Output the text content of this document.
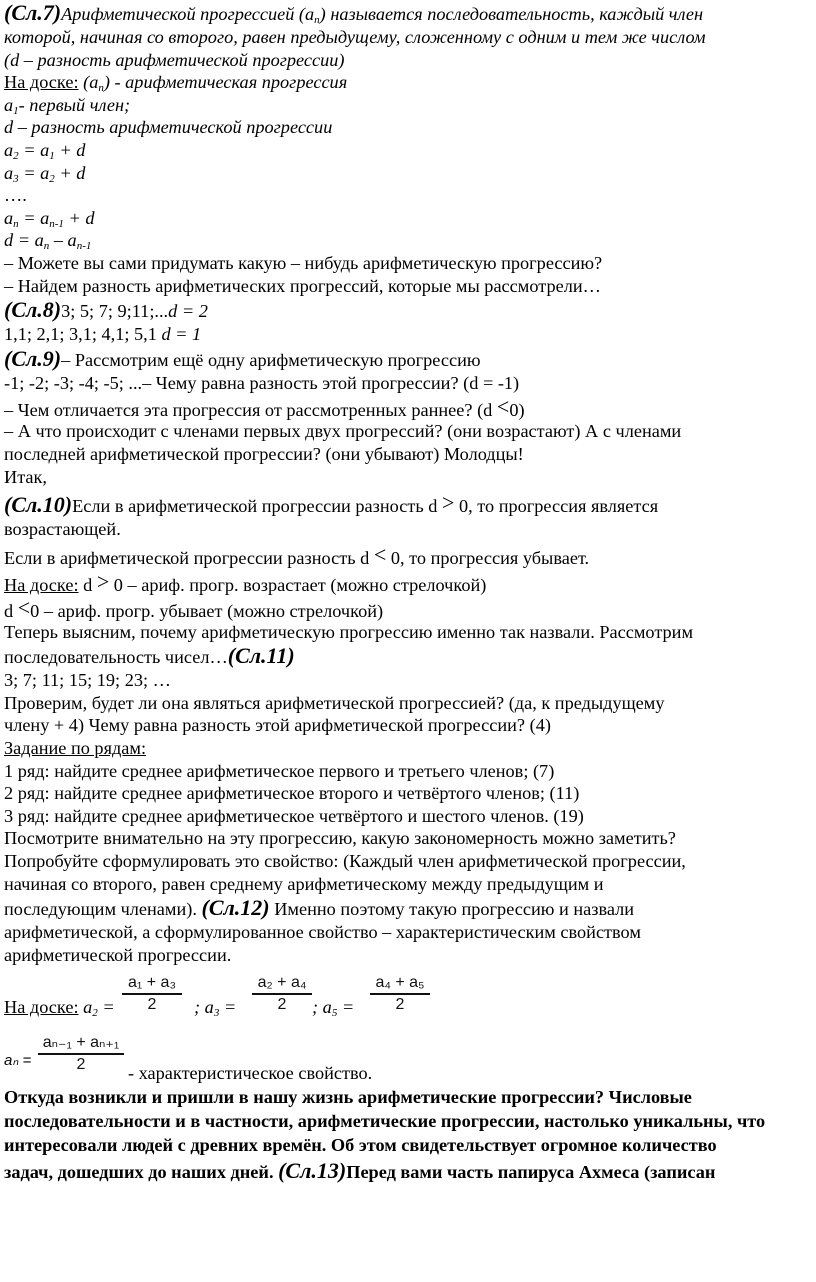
(Сл.7)Арифметической прогрессией $(a_n)$ называется последовательность, каждый член
которой, начиная со второго, равен предыдущему, сложенному с одним и тем же числом
(d – разность арифметической прогрессии)
На доске: $(a_n)$ - арифметическая прогрессия
$a_1-$ первый член;
d – разность арифметической прогрессии
$a_2 = a_1 + d$
$a_3 = a_2 + d$
….
$a_n = a_{n-1} + d$
$d = a_n - a_{n-1}$
– Можете вы сами придумать какую – нибудь арифметическую прогрессию?
– Найдем разность арифметических прогрессий, которые мы рассмотрели…
(Сл.8)3; 5; 7; 9;11;...d = 2
1,1; 2,1; 3,1; 4,1; 5,1 d = 1
(Сл.9)– Рассмотрим ещё одну арифметическую прогрессию
-1; -2; -3; -4; -5; ...– Чему равна разность этой прогрессии? (d = -1)
– Чем отличается эта прогрессия от рассмотренных раннее? (d <0)
– А что происходит с членами первых двух прогрессий? (они возрастают) А с членами
последней арифметической прогрессии? (они убывают) Молодцы!
Итак,
(Сл.10)Если в арифметической прогрессии разность d > 0, то прогрессия является
возрастающей.
Если в арифметической прогрессии разность d < 0, то прогрессия убывает.
На доске: d > 0 – ариф. прогр. возрастает (можно стрелочкой)
d <0 – ариф. прогр. убывает (можно стрелочкой)
Теперь выясним, почему арифметическую прогрессию именно так назвали. Рассмотрим
последовательность чисел…(Сл.11)
3; 7; 11; 15; 19; 23; …
Проверим, будет ли она являться арифметической прогрессией? (да, к предыдущему
члену + 4) Чему равна разность этой арифметической прогрессии? (4)
Задание по рядам:
1 ряд: найдите среднее арифметическое первого и третьего членов; (7)
2 ряд: найдите среднее арифметическое второго и четвёртого членов; (11)
3 ряд: найдите среднее арифметическое четвёртого и шестого членов. (19)
Посмотрите внимательно на эту прогрессию, какую закономерность можно заметить?
Попробуйте сформулировать это свойство: (Каждый член арифметической прогрессии,
начиная со второго, равен среднему арифметическому между предыдущим и
последующим членами). (Сл.12) Именно поэтому такую прогрессию и назвали
арифметической, а сформулированное свойство – характеристическим свойством
арифметической прогрессии.
На доске: $a_2$ =
a₁ + a₃
2	; $a_3$ =
a₂ + a₄
2	; $a_5$ =
a₄ + a₅
2
aₙ =
aₙ₋₁ + aₙ₊₁
2	- характеристическое свойство.
Откуда возникли и пришли в нашу жизнь арифметические прогрессии? Числовые
последовательности и в частности, арифметические прогрессии, настолько уникальны, что
интересовали людей с древних времён. Об этом свидетельствует огромное количество
задач, дошедших до наших дней. (Сл.13)Перед вами часть папируса Ахмеса (записан
